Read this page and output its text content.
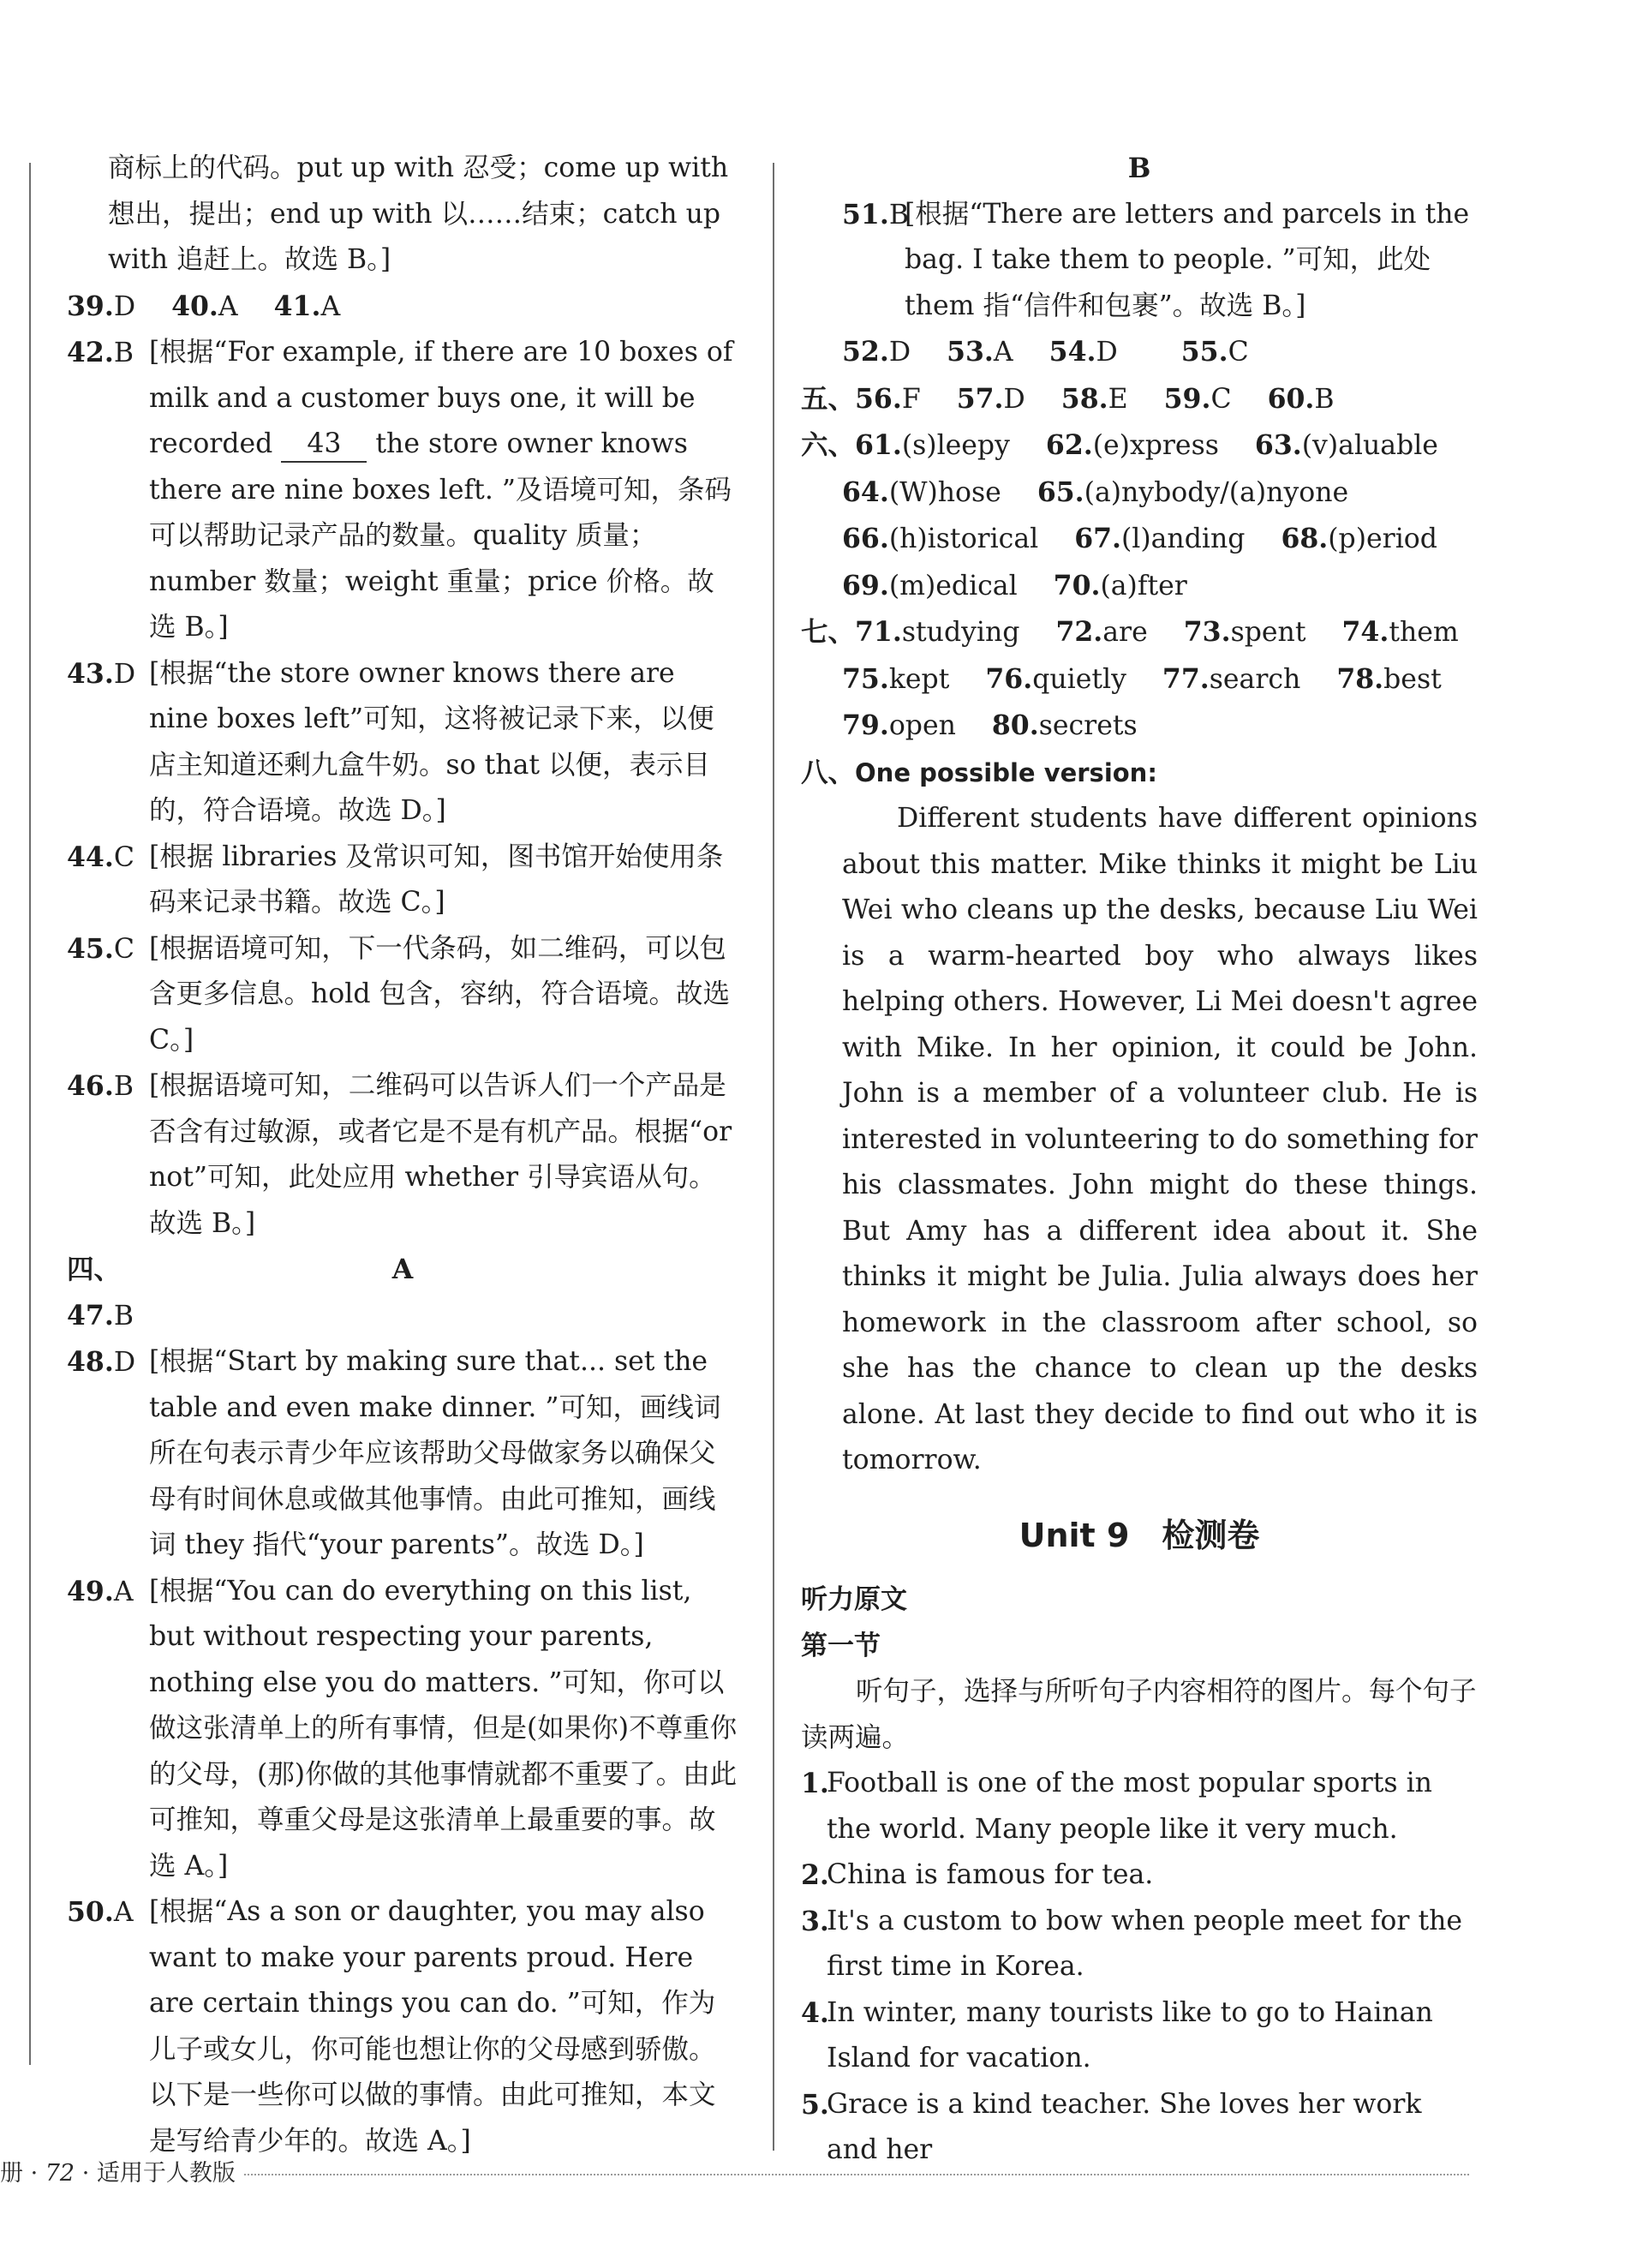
商标上的代码。put up with 忍受；come up with 想出，提出；end up with 以……结束；catch up with 追赶上。故选 B。]
39.D 40.A 41.A
42.B [根据“For example, if there are 10 boxes of milk and a customer buys one, it will be recorded 43 the store owner knows there are nine boxes left. ”及语境可知，条码可以帮助记录产品的数量。quality 质量；number 数量；weight 重量；price 价格。故选 B。]
43.D [根据“the store owner knows there are nine boxes left”可知，这将被记录下来，以便店主知道还剩九盒牛奶。so that 以便，表示目的，符合语境。故选 D。]
44.C [根据 libraries 及常识可知，图书馆开始使用条码来记录书籍。故选 C。]
45.C [根据语境可知，下一代条码，如二维码，可以包含更多信息。hold 包含，容纳，符合语境。故选 C。]
46.B [根据语境可知，二维码可以告诉人们一个产品是否含有过敏源，或者它是不是有机产品。根据“or not”可知，此处应用 whether 引导宾语从句。故选 B。]
四、	A
47.B
48.D [根据“Start by making sure that... set the table and even make dinner. ”可知，画线词所在句表示青少年应该帮助父母做家务以确保父母有时间休息或做其他事情。由此可推知，画线词 they 指代“your parents”。故选 D。]
49.A [根据“You can do everything on this list, but without respecting your parents, nothing else you do matters. ”可知，你可以做这张清单上的所有事情，但是(如果你)不尊重你的父母，(那)你做的其他事情就都不重要了。由此可推知，尊重父母是这张清单上最重要的事。故选 A。]
50.A [根据“As a son or daughter, you may also want to make your parents proud. Here are certain things you can do. ”可知，作为儿子或女儿，你可能也想让你的父母感到骄傲。以下是一些你可以做的事情。由此可推知，本文是写给青少年的。故选 A。]
B
51.B
[根据“There are letters and parcels in the bag. I take them to people. ”可知，此处 them 指“信件和包裹”。故选 B。]
52.D 53.A 54.D 55.C
五、56.F 57.D 58.E 59.C 60.B
六、61.(s)leepy 62.(e)xpress 63.(v)aluable
64.(W)hose 65.(a)nybody/(a)nyone
66.(h)istorical 67.(l)anding 68.(p)eriod
69.(m)edical 70.(a)fter
七、71.studying 72.are 73.spent 74.them
75.kept 76.quietly 77.search 78.best
79.open 80.secrets
八、One possible version:
Different students have different opinions about this matter. Mike thinks it might be Liu Wei who cleans up the desks, because Liu Wei is a warm-hearted boy who always likes helping others. However, Li Mei doesn't agree with Mike. In her opinion, it could be John. John is a member of a volunteer club. He is interested in volunteering to do something for his classmates. John might do these things. But Amy has a different idea about it. She thinks it might be Julia. Julia always does her homework in the classroom after school, so she has the chance to clean up the desks alone. At last they decide to find out who it is tomorrow.
Unit 9　检测卷
听力原文
第一节
听句子，选择与所听句子内容相符的图片。每个句子读两遍。
1.
Football is one of the most popular sports in the world. Many people like it very much.
2.
China is famous for tea.
3.
It's a custom to bow when people meet for the first time in Korea.
4.
In winter, many tourists like to go to Hainan Island for vacation.
5.
Grace is a kind teacher. She loves her work and her
册 · 72 · 适用于人教版
